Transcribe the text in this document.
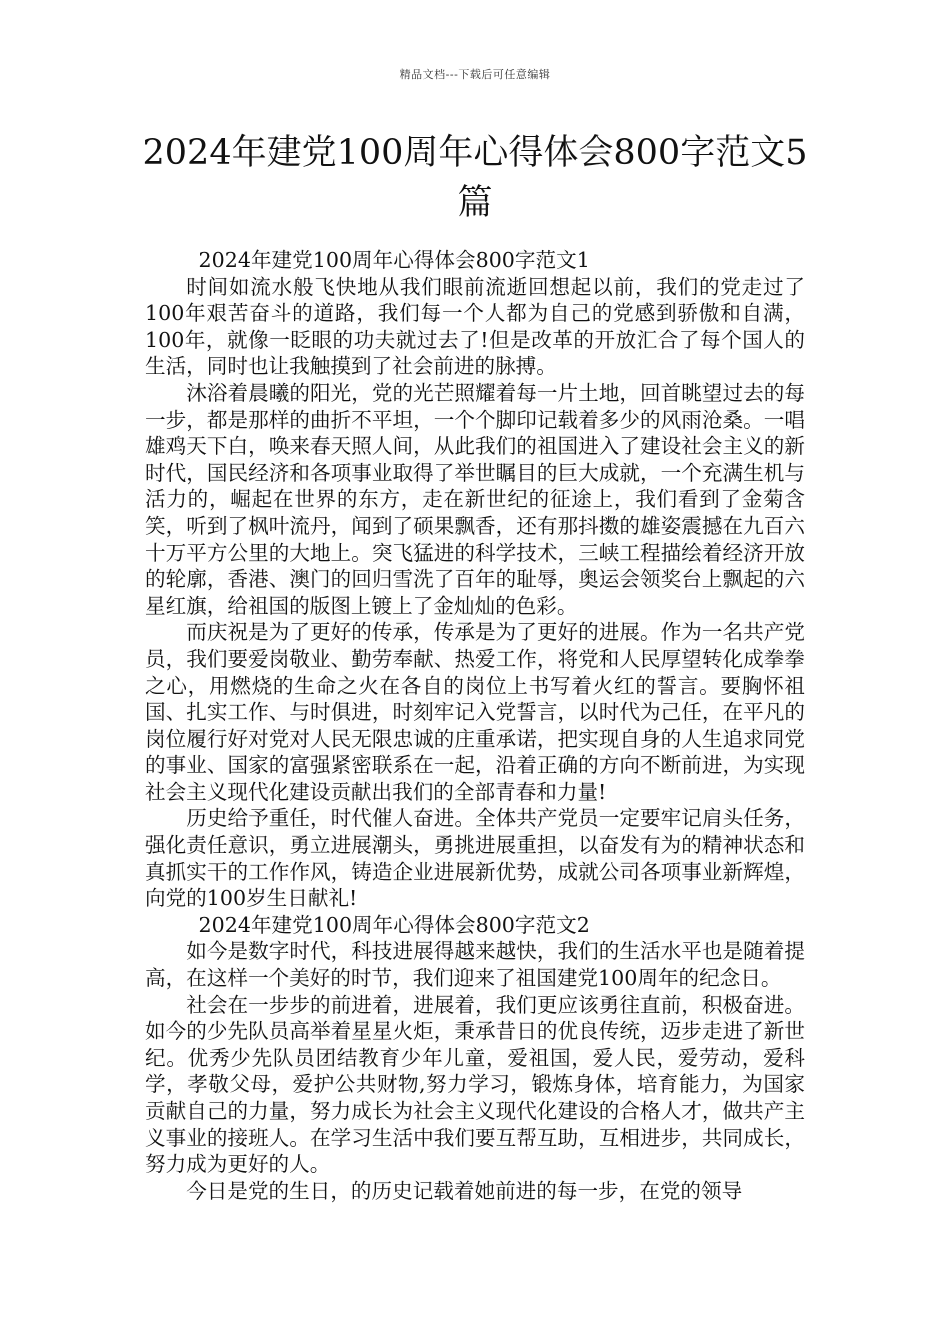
精品文档---下载后可任意编辑
2024年建党100周年心得体会800字范文5篇

2024年建党100周年心得体会800字范文1

时间如流水般飞快地从我们眼前流逝回想起以前，我们的党走过了100年艰苦奋斗的道路，我们每一个人都为自己的党感到骄傲和自满，100年，就像一眨眼的功夫就过去了!但是改革的开放汇合了每个国人的生活，同时也让我触摸到了社会前进的脉搏。

沐浴着晨曦的阳光，党的光芒照耀着每一片土地，回首眺望过去的每一步，都是那样的曲折不平坦，一个个脚印记载着多少的风雨沧桑。一唱雄鸡天下白，唤来春天照人间，从此我们的祖国进入了建设社会主义的新时代，国民经济和各项事业取得了举世瞩目的巨大成就，一个充满生机与活力的，崛起在世界的东方，走在新世纪的征途上，我们看到了金菊含笑，听到了枫叶流丹，闻到了硕果飘香，还有那抖擞的雄姿震撼在九百六十万平方公里的大地上。突飞猛进的科学技术，三峡工程描绘着经济开放的轮廓，香港、澳门的回归雪洗了百年的耻辱，奥运会领奖台上飘起的六星红旗，给祖国的版图上镀上了金灿灿的色彩。

而庆祝是为了更好的传承，传承是为了更好的进展。作为一名共产党员，我们要爱岗敬业、勤劳奉献、热爱工作，将党和人民厚望转化成拳拳之心，用燃烧的生命之火在各自的岗位上书写着火红的誓言。要胸怀祖国、扎实工作、与时俱进，时刻牢记入党誓言，以时代为己任，在平凡的岗位履行好对党对人民无限忠诚的庄重承诺，把实现自身的人生追求同党的事业、国家的富强紧密联系在一起，沿着正确的方向不断前进，为实现社会主义现代化建设贡献出我们的全部青春和力量!

历史给予重任，时代催人奋进。全体共产党员一定要牢记肩头任务，强化责任意识，勇立进展潮头，勇挑进展重担，以奋发有为的精神状态和真抓实干的工作作风，铸造企业进展新优势，成就公司各项事业新辉煌，向党的100岁生日献礼!

2024年建党100周年心得体会800字范文2

如今是数字时代，科技进展得越来越快，我们的生活水平也是随着提高，在这样一个美好的时节，我们迎来了祖国建党100周年的纪念日。

社会在一步步的前进着，进展着，我们更应该勇往直前，积极奋进。如今的少先队员高举着星星火炬，秉承昔日的优良传统，迈步走进了新世纪。优秀少先队员团结教育少年儿童，爱祖国，爱人民，爱劳动，爱科学，孝敬父母，爱护公共财物,努力学习，锻炼身体，培育能力，为国家贡献自己的力量，努力成长为社会主义现代化建设的合格人才，做共产主义事业的接班人。在学习生活中我们要互帮互助，互相进步，共同成长，努力成为更好的人。

今日是党的生日，的历史记载着她前进的每一步，在党的领导
